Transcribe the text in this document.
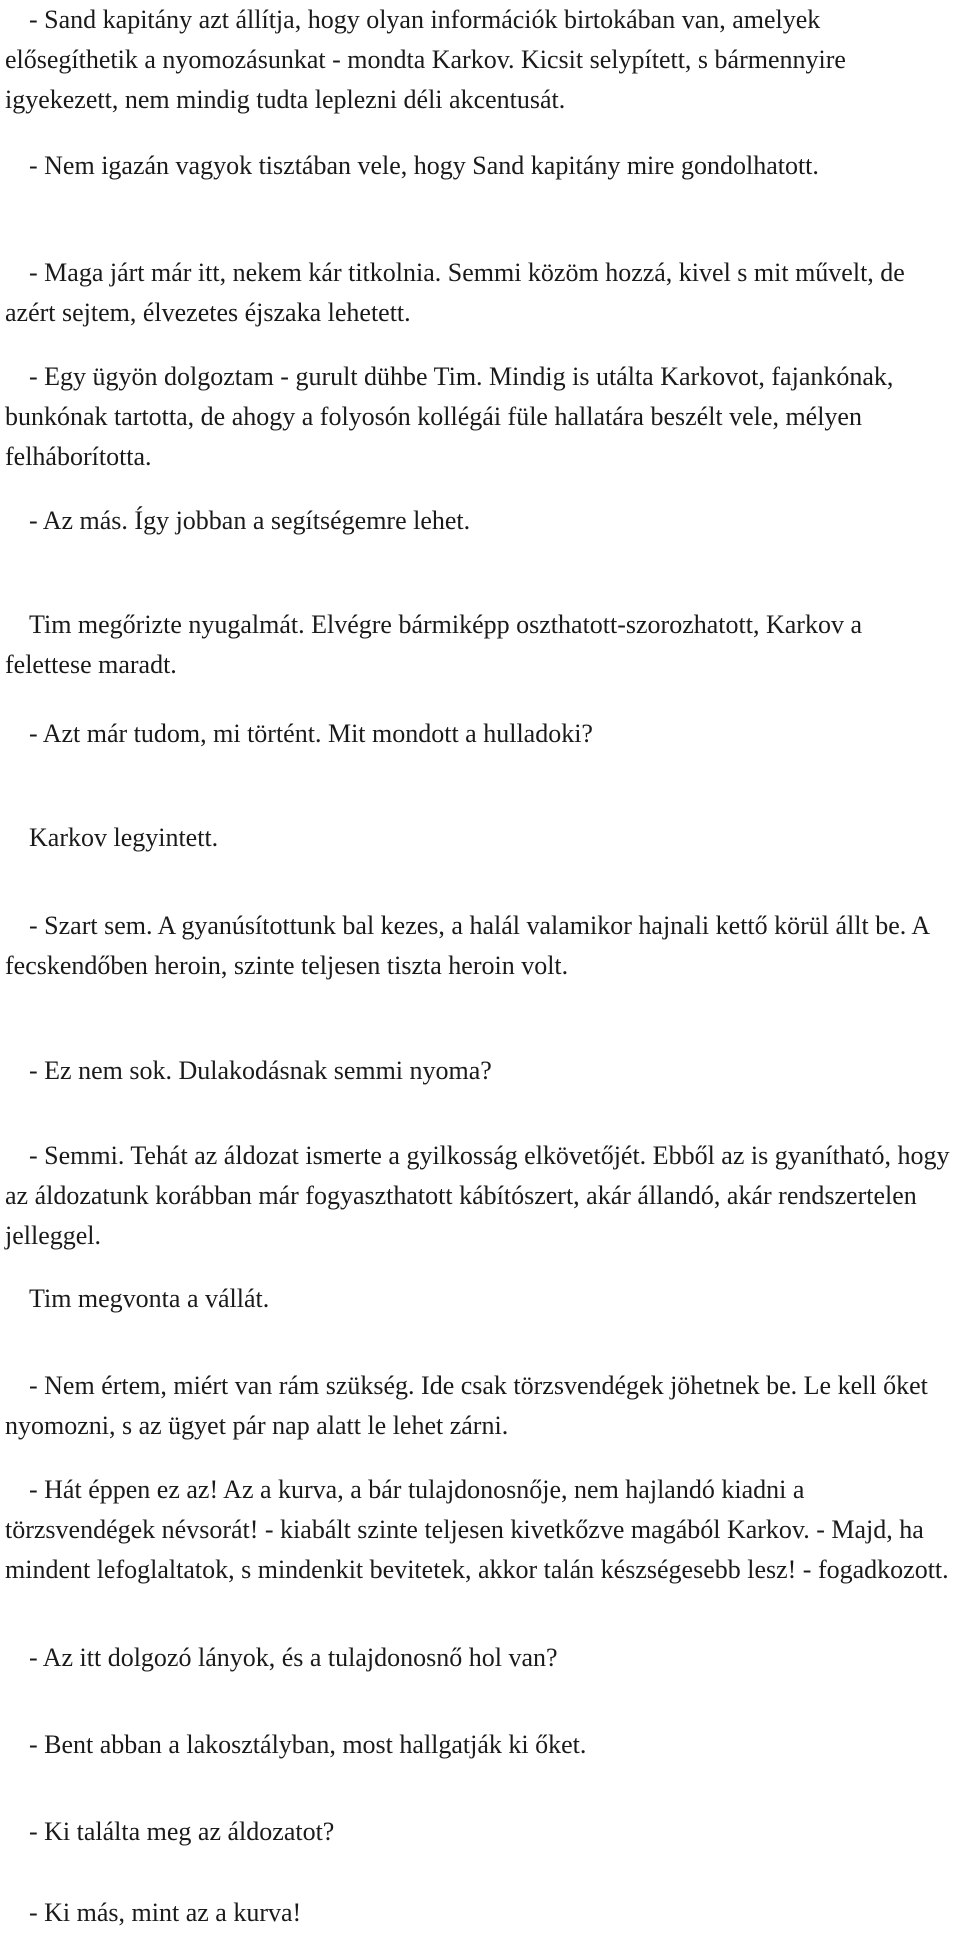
- Sand kapitány azt állítja, hogy olyan információk birtokában van, amelyek elősegíthetik a nyomozásunkat - mondta Karkov. Kicsit selypített, s bármennyire igyekezett, nem mindig tudta leplezni déli akcentusát.

- Nem igazán vagyok tisztában vele, hogy Sand kapitány mire gondolhatott.

- Maga járt már itt, nekem kár titkolnia. Semmi közöm hozzá, kivel s mit művelt, de azért sejtem, élvezetes éjszaka lehetett.

- Egy ügyön dolgoztam - gurult dühbe Tim. Mindig is utálta Karkovot, fajankónak, bunkónak tartotta, de ahogy a folyosón kollégái füle hallatára beszélt vele, mélyen felháborította.

- Az más. Így jobban a segítségemre lehet.

Tim megőrizte nyugalmát. Elvégre bármiképp oszthatott-szorozhatott, Karkov a felettese maradt.

- Azt már tudom, mi történt. Mit mondott a hulladoki?

Karkov legyintett.

- Szart sem. A gyanúsítottunk bal kezes, a halál valamikor hajnali kettő körül állt be. A fecskendőben heroin, szinte teljesen tiszta heroin volt.

- Ez nem sok. Dulakodásnak semmi nyoma?

- Semmi. Tehát az áldozat ismerte a gyilkosság elkövetőjét. Ebből az is gyanítható, hogy az áldozatunk korábban már fogyaszthatott kábítószert, akár állandó, akár rendszertelen jelleggel.

Tim megvonta a vállát.

- Nem értem, miért van rám szükség. Ide csak törzsvendégek jöhetnek be. Le kell őket nyomozni, s az ügyet pár nap alatt le lehet zárni.

- Hát éppen ez az! Az a kurva, a bár tulajdonosnője, nem hajlandó kiadni a törzsvendégek névsorát! - kiabált szinte teljesen kivetkőzve magából Karkov. - Majd, ha mindent lefoglaltatok, s mindenkit bevitetek, akkor talán készségesebb lesz! - fogadkozott.

- Az itt dolgozó lányok, és a tulajdonosnő hol van?

- Bent abban a lakosztályban, most hallgatják ki őket.

- Ki találta meg az áldozatot?

- Ki más, mint az a kurva!
